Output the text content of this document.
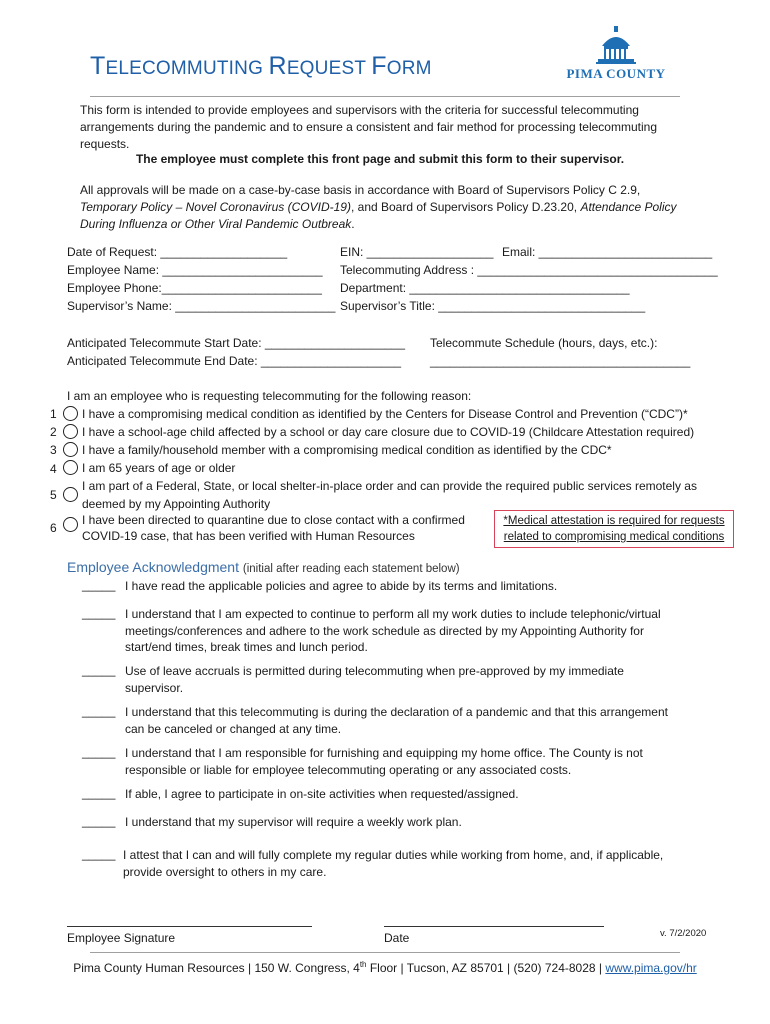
TELECOMMUTING REQUEST FORM	PIMA COUNTY

This form is intended to provide employees and supervisors with the criteria for successful telecommuting arrangements during the pandemic and to ensure a consistent and fair method for processing telecommuting requests.

The employee must complete this front page and submit this form to their supervisor.

All approvals will be made on a case-by-case basis in accordance with Board of Supervisors Policy C 2.9, Temporary Policy – Novel Coronavirus (COVID-19), and Board of Supervisors Policy D.23.20, Attendance Policy During Influenza or Other Viral Pandemic Outbreak.

Date of Request: ___________________
Employee Name: ________________________
Employee Phone:________________________
Supervisor’s Name: ________________________
EIN: ___________________ Email: __________________________
Telecommuting Address : ____________________________________
Department: _________________________________
Supervisor’s Title: _______________________________
Anticipated Telecommute Start Date: _____________________
Anticipated Telecommute End Date: _____________________
Telecommute Schedule (hours, days, etc.):
_______________________________________
I am an employee who is requesting telecommuting for the following reason:
1	I have a compromising medical condition as identified by the Centers for Disease Control and Prevention (“CDC”)*
2	I have a school-age child affected by a school or day care closure due to COVID-19 (Childcare Attestation required)
3	I have a family/household member with a compromising medical condition as identified by the CDC*
4	I am 65 years of age or older
5
I am part of a Federal, State, or local shelter-in-place order and can provide the required public services remotely as
deemed by my Appointing Authority
6
I have been directed to quarantine due to close contact with a confirmed
COVID-19 case, that has been verified with Human Resources
*Medical attestation is required for requests
related to compromising medical conditions
Employee Acknowledgment (initial after reading each statement below)
_____ I have read the applicable policies and agree to abide by its terms and limitations.
_____ I understand that I am expected to continue to perform all my work duties to include telephonic/virtual meetings/conferences and adhere to the work schedule as directed by my Appointing Authority for start/end times, break times and lunch period.
_____ Use of leave accruals is permitted during telecommuting when pre-approved by my immediate supervisor.
_____ I understand that this telecommuting is during the declaration of a pandemic and that this arrangement can be canceled or changed at any time.
_____ I understand that I am responsible for furnishing and equipping my home office. The County is not responsible or liable for employee telecommuting operating or any associated costs.
_____ If able, I agree to participate in on-site activities when requested/assigned.
_____ I understand that my supervisor will require a weekly work plan.
_____ I attest that I can and will fully complete my regular duties while working from home, and, if applicable, provide oversight to others in my care.
Employee Signature	Date	v. 7/2/2020
Pima County Human Resources | 150 W. Congress, 4th Floor | Tucson, AZ 85701 | (520) 724-8028 | www.pima.gov/hr
